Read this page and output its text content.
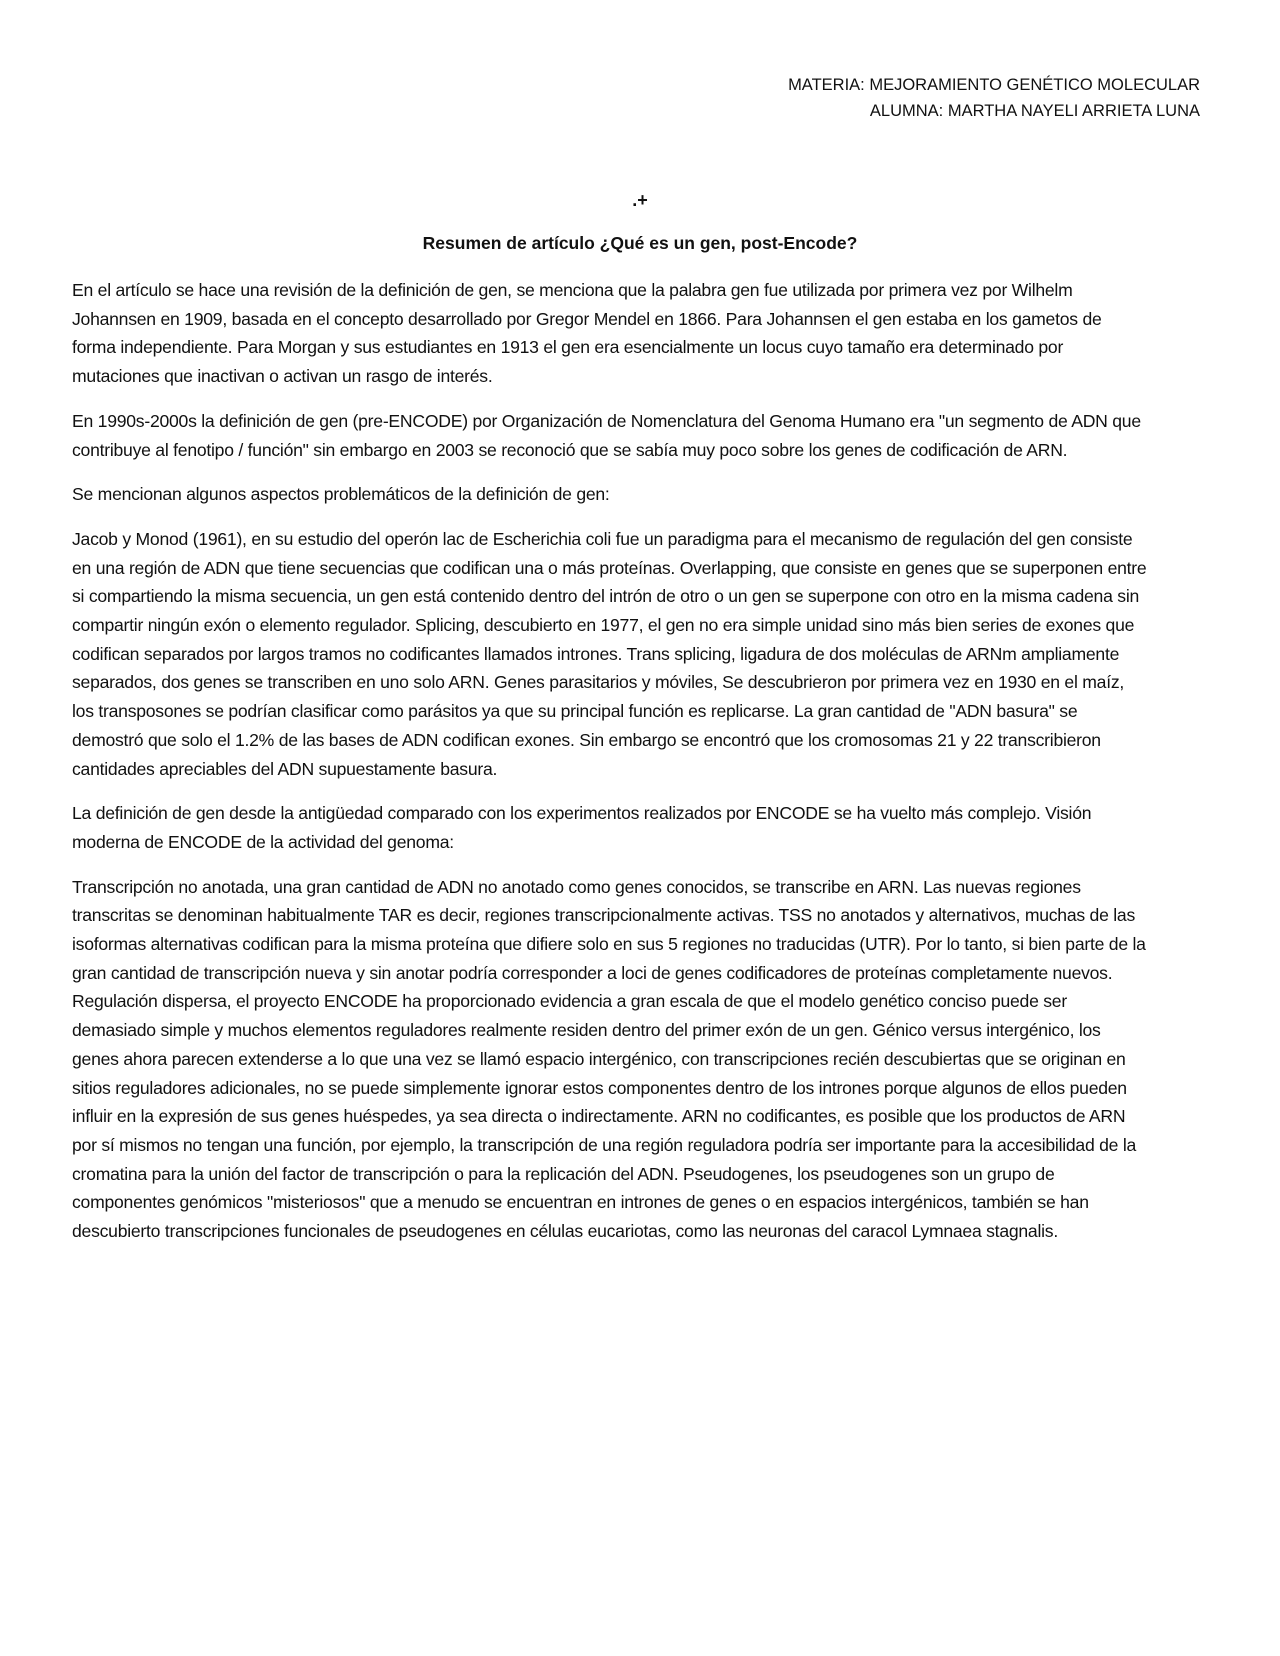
MATERIA: MEJORAMIENTO GENÉTICO MOLECULAR
ALUMNA: MARTHA NAYELI ARRIETA LUNA
.+
Resumen de artículo ¿Qué es un gen, post-Encode?

En el artículo se hace una revisión de la definición de gen, se menciona que la palabra gen fue utilizada por primera vez por Wilhelm Johannsen en 1909, basada en el concepto desarrollado por Gregor Mendel en 1866. Para Johannsen el gen estaba en los gametos de forma independiente. Para Morgan y sus estudiantes en 1913 el gen era esencialmente un locus cuyo tamaño era determinado por mutaciones que inactivan o activan un rasgo de interés.

En 1990s-2000s la definición de gen (pre-ENCODE) por Organización de Nomenclatura del Genoma Humano era "un segmento de ADN que contribuye al fenotipo / función" sin embargo en 2003 se reconoció que se sabía muy poco sobre los genes de codificación de ARN.

Se mencionan algunos aspectos problemáticos de la definición de gen:

Jacob y Monod (1961), en su estudio del operón lac de Escherichia coli fue un paradigma para el mecanismo de regulación del gen consiste en una región de ADN que tiene secuencias que codifican una o más proteínas. Overlapping, que consiste en genes que se superponen entre si compartiendo la misma secuencia, un gen está contenido dentro del intrón de otro o un gen se superpone con otro en la misma cadena sin compartir ningún exón o elemento regulador. Splicing, descubierto en 1977, el gen no era simple unidad sino más bien series de exones que codifican separados por largos tramos no codificantes llamados intrones. Trans splicing, ligadura de dos moléculas de ARNm ampliamente separados, dos genes se transcriben en uno solo ARN. Genes parasitarios y móviles, Se descubrieron por primera vez en 1930 en el maíz, los transposones se podrían clasificar como parásitos ya que su principal función es replicarse. La gran cantidad de "ADN basura" se demostró que solo el 1.2% de las bases de ADN codifican exones. Sin embargo se encontró que los cromosomas 21 y 22 transcribieron cantidades apreciables del ADN supuestamente basura.

La definición de gen desde la antigüedad comparado con los experimentos realizados por ENCODE se ha vuelto más complejo. Visión moderna de ENCODE de la actividad del genoma:

Transcripción no anotada, una gran cantidad de ADN no anotado como genes conocidos, se transcribe en ARN. Las nuevas regiones transcritas se denominan habitualmente TAR es decir, regiones transcripcionalmente activas. TSS no anotados y alternativos, muchas de las isoformas alternativas codifican para la misma proteína que difiere solo en sus 5 regiones no traducidas (UTR). Por lo tanto, si bien parte de la gran cantidad de transcripción nueva y sin anotar podría corresponder a loci de genes codificadores de proteínas completamente nuevos. Regulación dispersa, el proyecto ENCODE ha proporcionado evidencia a gran escala de que el modelo genético conciso puede ser demasiado simple y muchos elementos reguladores realmente residen dentro del primer exón de un gen. Génico versus intergénico, los genes ahora parecen extenderse a lo que una vez se llamó espacio intergénico, con transcripciones recién descubiertas que se originan en sitios reguladores adicionales, no se puede simplemente ignorar estos componentes dentro de los intrones porque algunos de ellos pueden influir en la expresión de sus genes huéspedes, ya sea directa o indirectamente. ARN no codificantes, es posible que los productos de ARN por sí mismos no tengan una función, por ejemplo, la transcripción de una región reguladora podría ser importante para la accesibilidad de la cromatina para la unión del factor de transcripción o para la replicación del ADN. Pseudogenes, los pseudogenes son un grupo de componentes genómicos "misteriosos" que a menudo se encuentran en intrones de genes o en espacios intergénicos, también se han descubierto transcripciones funcionales de pseudogenes en células eucariotas, como las neuronas del caracol Lymnaea stagnalis.
